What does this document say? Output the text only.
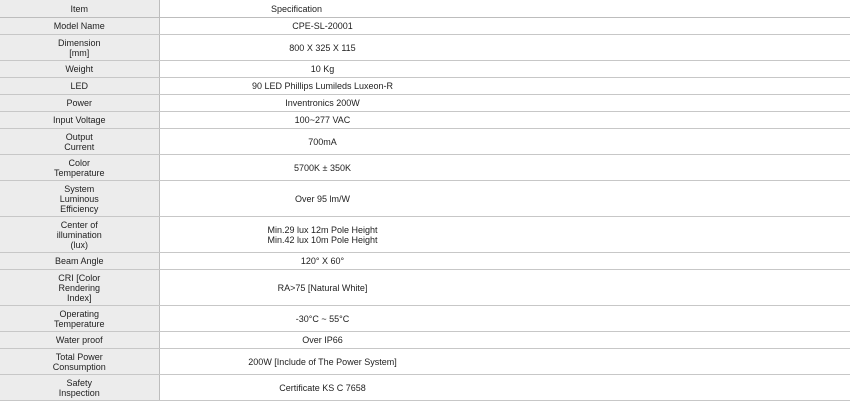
Item	Specification

Model Name	CPE-SL-20001

Dimension
[mm]	800 X 325 X 115

Weight	10 Kg

LED	90 LED Phillips Lumileds Luxeon-R

Power	Inventronics 200W

Input Voltage	100~277 VAC

Output
Current	700mA

Color
Temperature	5700K ± 350K

System
Luminous
Efficiency	Over 95 lm/W

Center of
illumination
(lux)	Min.29 lux 12m Pole Height
Min.42 lux 10m Pole Height

Beam Angle	120° X 60°

CRI [Color
Rendering
Index]	RA>75 [Natural White]

Operating
Temperature	-30°C ~ 55°C

Water proof	Over IP66

Total Power
Consumption	200W [Include of The Power System]

Safety
Inspection	Certificate KS C 7658
